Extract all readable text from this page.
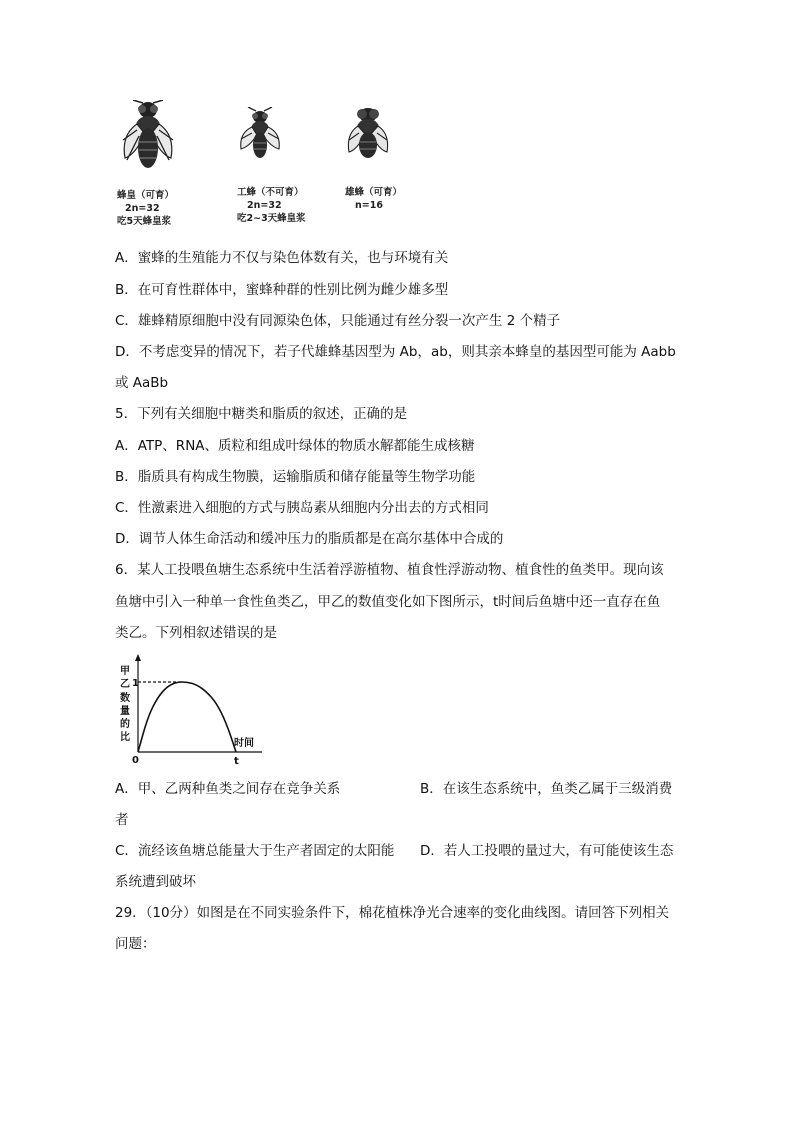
蜂皇（可育）
2n=32
吃5天蜂皇浆
工蜂（不可育）
2n=32
吃2~3天蜂皇浆
雄蜂（可育）
n=16
A．蜜蜂的生殖能力不仅与染色体数有关，也与环境有关
B．在可育性群体中，蜜蜂种群的性别比例为雌少雄多型
C．雄蜂精原细胞中没有同源染色体，只能通过有丝分裂一次产生 2 个精子
D．不考虑变异的情况下，若子代雄蜂基因型为 Ab，ab，则其亲本蜂皇的基因型可能为 Aabb
或 AaBb
5．下列有关细胞中糖类和脂质的叙述，正确的是
A．ATP、RNA、质粒和组成叶绿体的物质水解都能生成核糖
B．脂质具有构成生物膜，运输脂质和储存能量等生物学功能
C．性激素进入细胞的方式与胰岛素从细胞内分出去的方式相同
D．调节人体生命活动和缓冲压力的脂质都是在高尔基体中合成的
6．某人工投喂鱼塘生态系统中生活着浮游植物、植食性浮游动物、植食性的鱼类甲。现向该
鱼塘中引入一种单一食性鱼类乙，甲乙的数值变化如下图所示，t时间后鱼塘中还一直存在鱼
类乙。下列相叙述错误的是
甲
乙
数
量
的
比
1
0	t
时间
A．甲、乙两种鱼类之间存在竞争关系	B．在该生态系统中，鱼类乙属于三级消费
者
C．流经该鱼塘总能量大于生产者固定的太阳能 D．若人工投喂的量过大，有可能使该生态
系统遭到破坏
29．（10分）如图是在不同实验条件下，棉花植株净光合速率的变化曲线图。请回答下列相关
问题：
